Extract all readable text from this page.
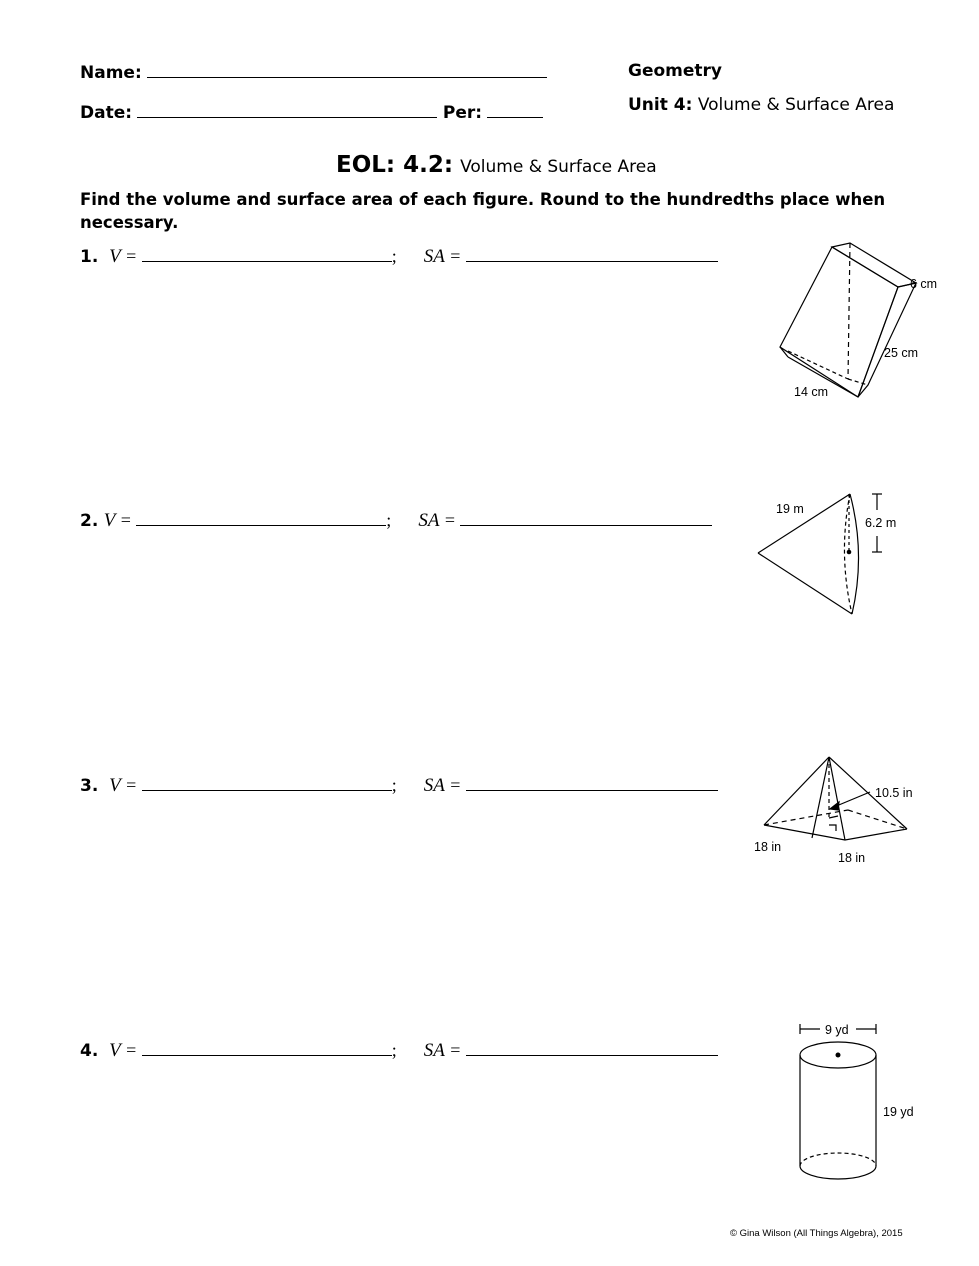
Name:
Date:	Per:
Geometry
Unit 4: Volume & Surface Area
EOL: 4.2: Volume & Surface Area
Find the volume and surface area of each figure. Round to the hundredths place when necessary.
1. V =	; SA =
2. V =	; SA =
3. V =	; SA =
4. V =	; SA =
6 cm
25 cm
14 cm
19 m
6.2 m
10.5 in
18 in
18 in
9 yd
19 yd
© Gina Wilson (All Things Algebra), 2015
